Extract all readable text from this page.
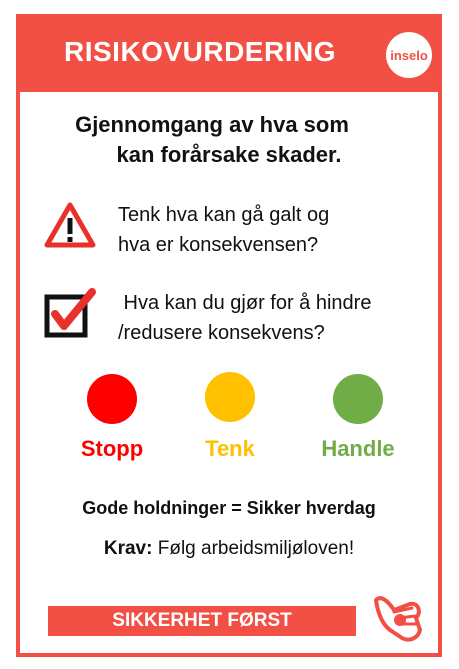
RISIKOVURDERING	inselo
Gjennomgang av hva som
kan forårsake skader.
Tenk hva kan gå galt og
hva er konsekvensen?
Hva kan du gjør for å hindre
/redusere konsekvens?
Stopp	Tenk	Handle
Gode holdninger = Sikker hverdag
Krav: Følg arbeidsmiljøloven!
SIKKERHET FØRST
